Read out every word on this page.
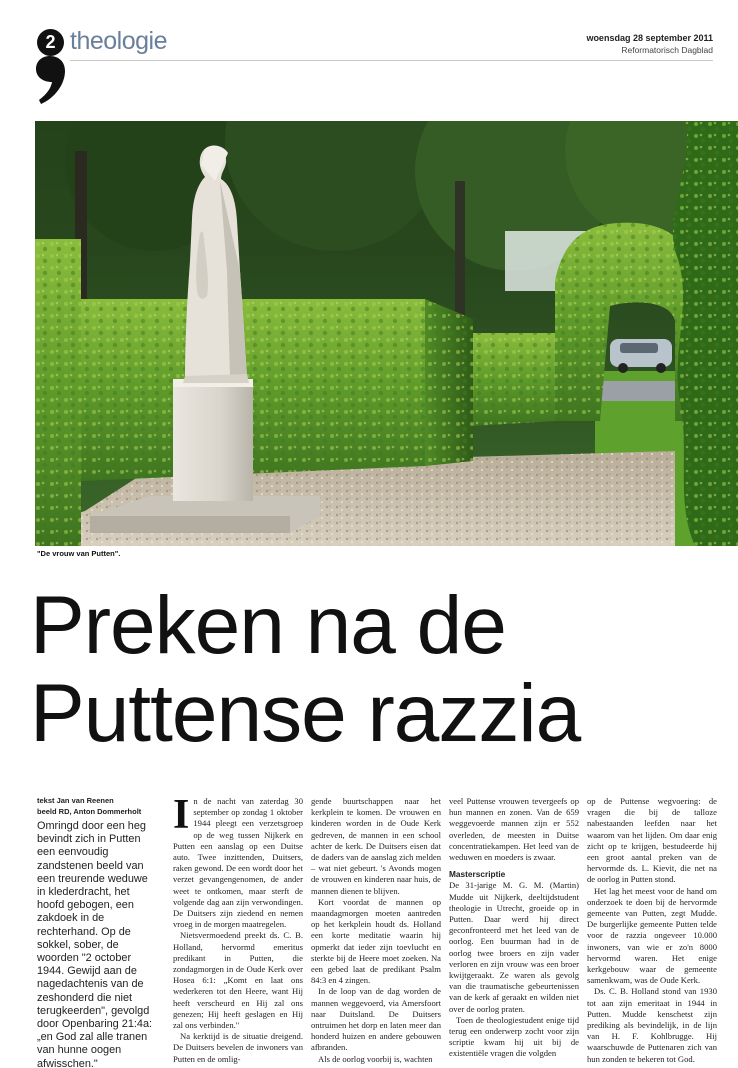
2 theologie	woensdag 28 september 2011
Reformatorisch Dagblad
"De vrouw van Putten".
Preken na de
Puttense razzia
tekst Jan van Reenen
beeld RD, Anton Dommerholt
Omringd door een heg bevindt zich in Putten een eenvoudig zandstenen beeld van een treurende weduwe in klederdracht, het hoofd gebogen, een zakdoek in de rechterhand. Op de sokkel, sober, de woorden "2 october 1944. Gewijd aan de nagedachtenis van de zeshonderd die niet terugkeerden", gevolgd door Openbaring 21:4a: „en God zal alle tranen van hunne oogen afwisschen."

In de nacht van zaterdag 30 september op zondag 1 oktober 1944 pleegt een verzetsgroep op de weg tussen Nijkerk en Putten een aanslag op een Duitse auto. Twee inzittenden, Duitsers, raken gewond. De een wordt door het verzet gevangengenomen, de ander weet te ontkomen, maar sterft de volgende dag aan zijn verwondingen. De Duitsers zijn ziedend en nemen vroeg in de morgen maatregelen.

Nietsvermoedend preekt ds. C. B. Holland, hervormd emeritus predikant in Putten, die zondagmorgen in de Oude Kerk over Hosea 6:1: „Komt en laat ons wederkeren tot den Heere, want Hij heeft verscheurd en Hij zal ons genezen; Hij heeft geslagen en Hij zal ons verbinden."

Na kerktijd is de situatie dreigend. De Duitsers bevelen de inwoners van Putten en de omlig-

gende buurtschappen naar het kerkplein te komen. De vrouwen en kinderen worden in de Oude Kerk gedreven, de mannen in een school achter de kerk. De Duitsers eisen dat de daders van de aanslag zich melden – wat niet gebeurt. 's Avonds mogen de vrouwen en kinderen naar huis, de mannen dienen te blijven.

Kort voordat de mannen op maandagmorgen moeten aantreden op het kerkplein houdt ds. Holland een korte meditatie waarin hij opmerkt dat ieder zijn toevlucht en sterkte bij de Heere moet zoeken. Na een gebed laat de predikant Psalm 84:3 en 4 zingen.

In de loop van de dag worden de mannen weggevoerd, via Amersfoort naar Duitsland. De Duitsers ontruimen het dorp en laten meer dan honderd huizen en andere gebouwen afbranden.

Als de oorlog voorbij is, wachten

veel Puttense vrouwen tevergeefs op hun mannen en zonen. Van de 659 weggevoerde mannen zijn er 552 overleden, de meesten in Duitse concentratiekampen. Het leed van de weduwen en moeders is zwaar.

Masterscriptie

De 31-jarige M. G. M. (Martin) Mudde uit Nijkerk, deeltijdstudent theologie in Utrecht, groeide op in Putten. Daar werd hij direct geconfronteerd met het leed van de oorlog. Een buurman had in de oorlog twee broers en zijn vader verloren en zijn vrouw was een broer kwijtgeraakt. Ze waren als gevolg van die traumatische gebeurtenissen van de kerk af geraakt en wilden niet over de oorlog praten.

Toen de theologiestudent enige tijd terug een onderwerp zocht voor zijn scriptie kwam hij uit bij de existentiële vragen die volgden

op de Puttense wegvoering: de vragen die bij de talloze nabestaanden leefden naar het waarom van het lijden. Om daar enig zicht op te krijgen, bestudeerde hij een groot aantal preken van de hervormde ds. L. Kievit, die net na de oorlog in Putten stond.

Het lag het meest voor de hand om onderzoek te doen bij de hervormde gemeente van Putten, zegt Mudde. De burgerlijke gemeente Putten telde voor de razzia ongeveer 10.000 inwoners, van wie er zo'n 8000 hervormd waren. Het enige kerkgebouw waar de gemeente samenkwam, was de Oude Kerk.

Ds. C. B. Holland stond van 1930 tot aan zijn emeritaat in 1944 in Putten. Mudde kenschetst zijn prediking als bevindelijk, in de lijn van H. F. Kohlbrugge. Hij waarschuwde de Puttenaren zich van hun zonden te bekeren tot God.
